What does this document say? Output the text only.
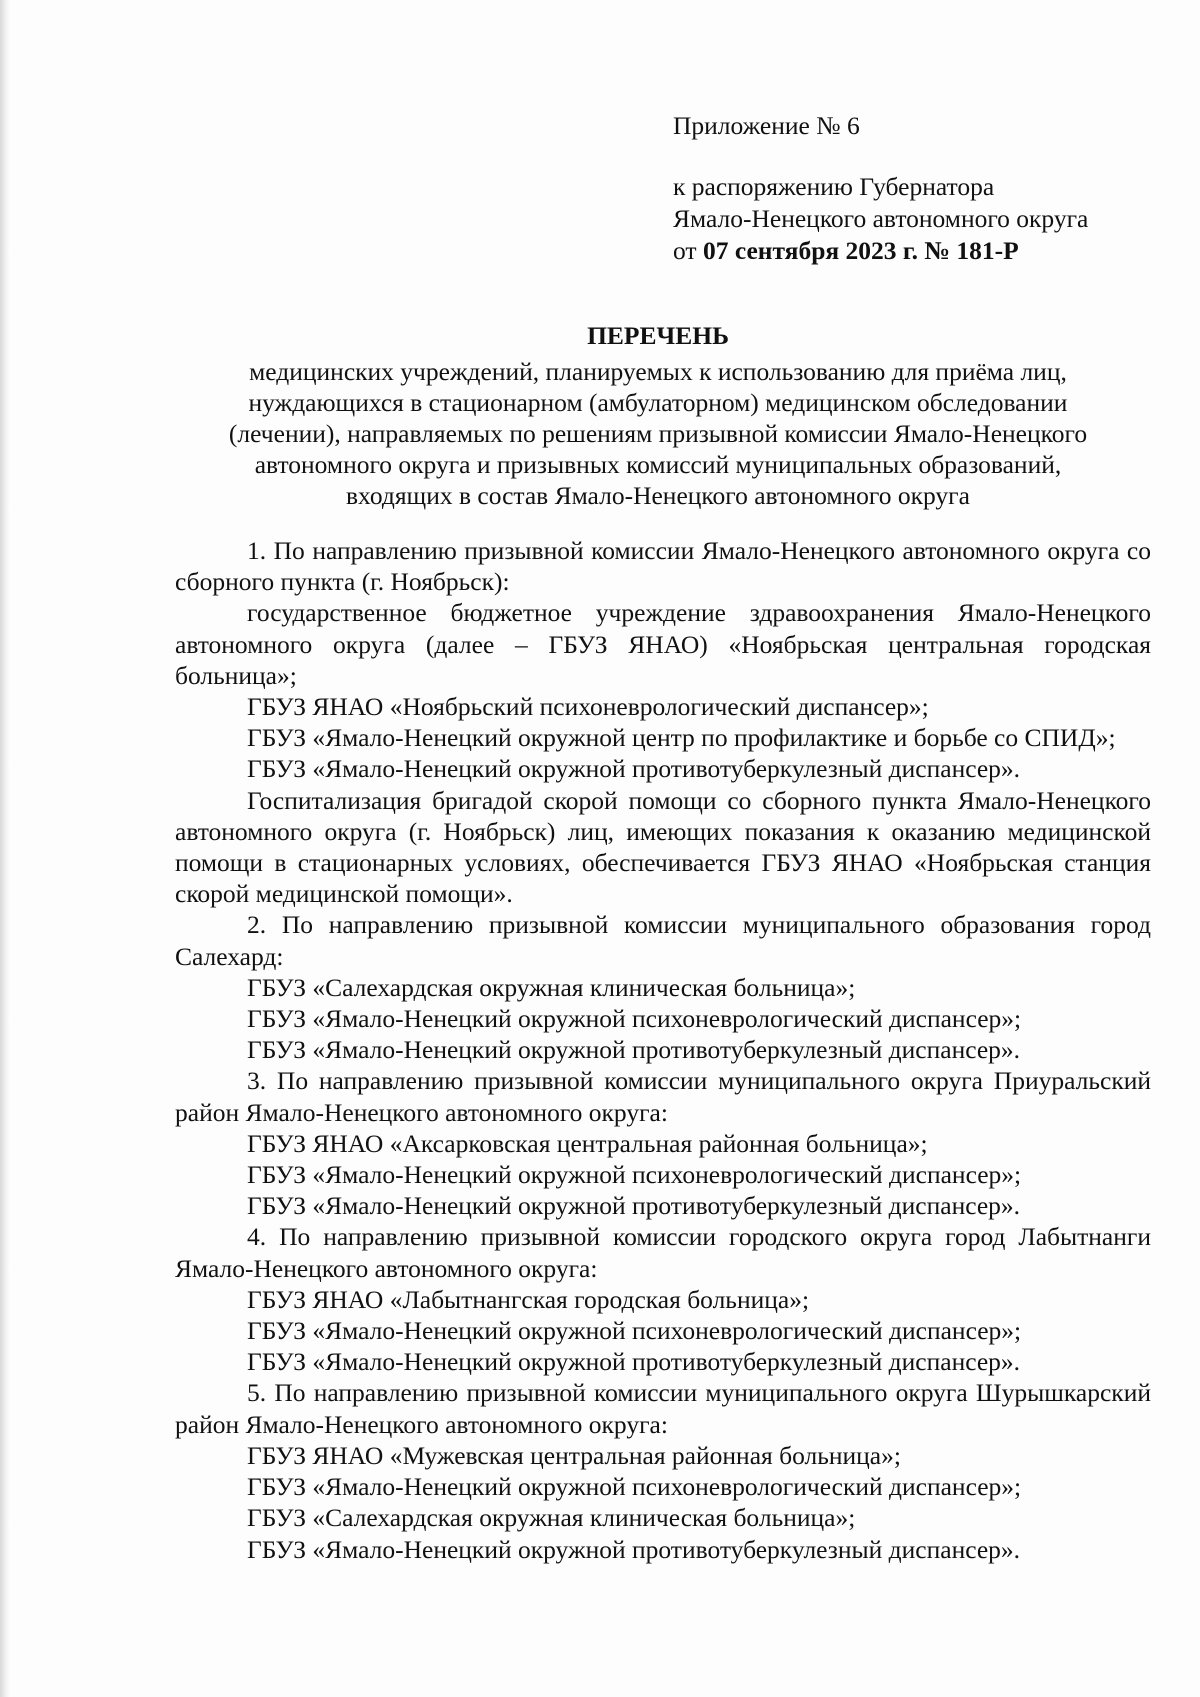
Приложение № 6
к распоряжению Губернатора
Ямало-Ненецкого автономного округа
от 07 сентября 2023 г. № 181-Р
ПЕРЕЧЕНЬ
медицинских учреждений, планируемых к использованию для приёма лиц,
нуждающихся в стационарном (амбулаторном) медицинском обследовании
(лечении), направляемых по решениям призывной комиссии Ямало-Ненецкого
автономного округа и призывных комиссий муниципальных образований,
входящих в состав Ямало-Ненецкого автономного округа

1. По направлению призывной комиссии Ямало-Ненецкого автономного округа со сборного пункта (г. Ноябрьск):

государственное бюджетное учреждение здравоохранения Ямало-Ненецкого автономного округа (далее – ГБУЗ ЯНАО) «Ноябрьская центральная городская больница»;

ГБУЗ ЯНАО «Ноябрьский психоневрологический диспансер»;

ГБУЗ «Ямало-Ненецкий окружной центр по профилактике и борьбе со СПИД»;

ГБУЗ «Ямало-Ненецкий окружной противотуберкулезный диспансер».

Госпитализация бригадой скорой помощи со сборного пункта Ямало-Ненецкого автономного округа (г. Ноябрьск) лиц, имеющих показания к оказанию медицинской помощи в стационарных условиях, обеспечивается ГБУЗ ЯНАО «Ноябрьская станция скорой медицинской помощи».

2. По направлению призывной комиссии муниципального образования город Салехард:

ГБУЗ «Салехардская окружная клиническая больница»;

ГБУЗ «Ямало-Ненецкий окружной психоневрологический диспансер»;

ГБУЗ «Ямало-Ненецкий окружной противотуберкулезный диспансер».

3. По направлению призывной комиссии муниципального округа Приуральский район Ямало-Ненецкого автономного округа:

ГБУЗ ЯНАО «Аксарковская центральная районная больница»;

ГБУЗ «Ямало-Ненецкий окружной психоневрологический диспансер»;

ГБУЗ «Ямало-Ненецкий окружной противотуберкулезный диспансер».

4. По направлению призывной комиссии городского округа город Лабытнанги Ямало-Ненецкого автономного округа:

ГБУЗ ЯНАО «Лабытнангская городская больница»;

ГБУЗ «Ямало-Ненецкий окружной психоневрологический диспансер»;

ГБУЗ «Ямало-Ненецкий окружной противотуберкулезный диспансер».

5. По направлению призывной комиссии муниципального округа Шурышкарский район Ямало-Ненецкого автономного округа:

ГБУЗ ЯНАО «Мужевская центральная районная больница»;

ГБУЗ «Ямало-Ненецкий окружной психоневрологический диспансер»;

ГБУЗ «Салехардская окружная клиническая больница»;

ГБУЗ «Ямало-Ненецкий окружной противотуберкулезный диспансер».
